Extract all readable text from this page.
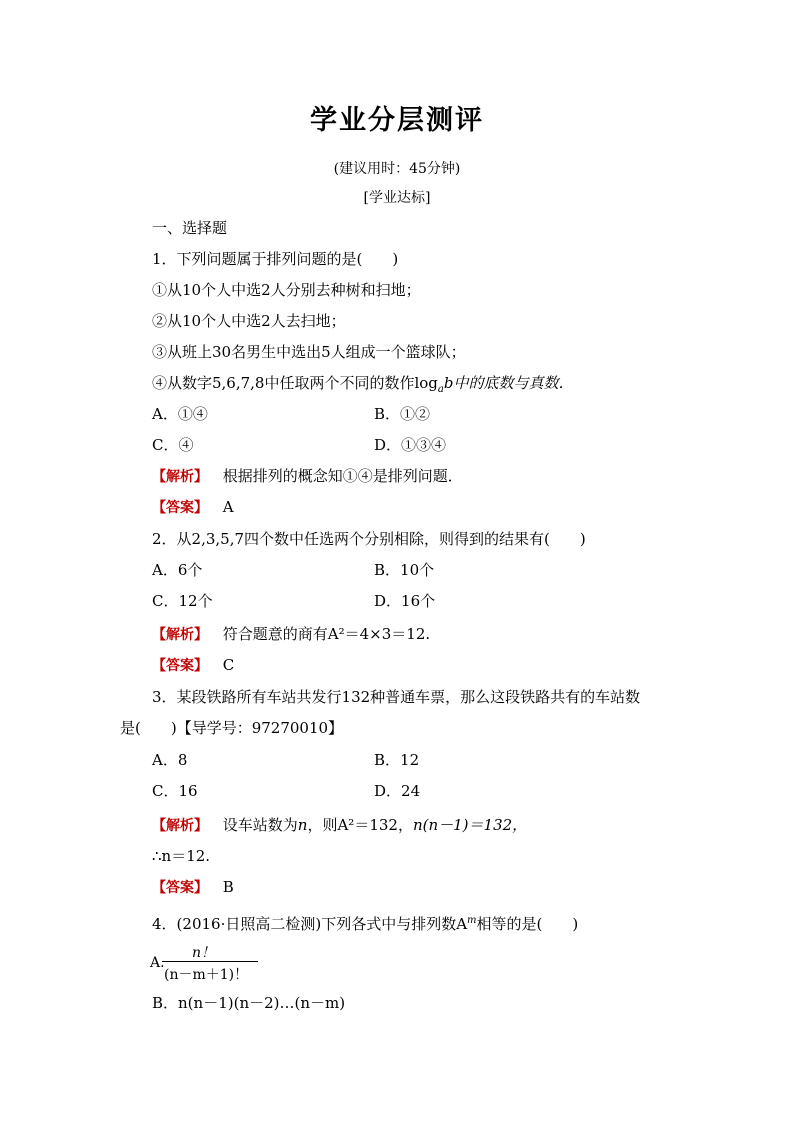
学业分层测评
(建议用时：45分钟)
[学业达标]
一、选择题
1．下列问题属于排列问题的是(　　)
①从10个人中选2人分别去种树和扫地；
②从10个人中选2人去扫地；
③从班上30名男生中选出5人组成一个篮球队；
④从数字5,6,7,8中任取两个不同的数作$\log_ab$中的底数与真数．
A．①④	B．①②
C．④	D．①③④
【解析】 根据排列的概念知①④是排列问题．
【答案】 A
2．从2,3,5,7四个数中任选两个分别相除，则得到的结果有(　　)
A．6个	B．10个
C．12个	D．16个
【解析】 符合题意的商有A²＝4×3＝12.
【答案】 C
3．某段铁路所有车站共发行132种普通车票，那么这段铁路共有的车站数
是(　　)【导学号：97270010】
A．8	B．12
C．16	D．24
【解析】 设车站数为n，则A²＝132，n(n－1)＝132，
∴n＝12.
【答案】 B
4．(2016·日照高二检测)下列各式中与排列数$A^m$相等的是(　　)
A.
n！
(n－m＋1)！
B．n(n－1)(n－2)…(n－m)
